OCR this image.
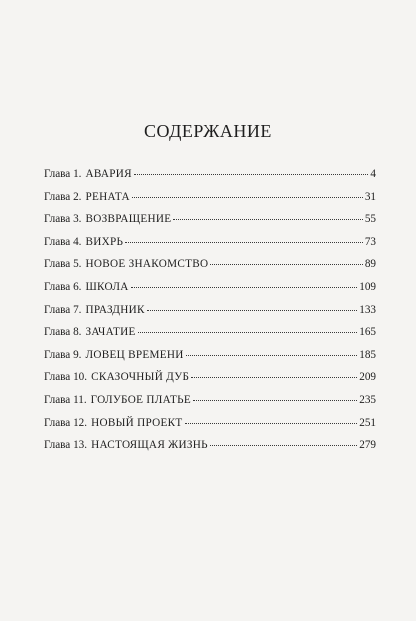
СОДЕРЖАНИЕ
Глава 1. АВАРИЯ	4
Глава 2. РЕНАТА	31
Глава 3. ВОЗВРАЩЕНИЕ	55
Глава 4. ВИХРЬ	73
Глава 5. НОВОЕ ЗНАКОМСТВО	89
Глава 6. ШКОЛА	109
Глава 7. ПРАЗДНИК	133
Глава 8. ЗАЧАТИЕ	165
Глава 9. ЛОВЕЦ ВРЕМЕНИ	185
Глава 10. СКАЗОЧНЫЙ ДУБ	209
Глава 11. ГОЛУБОЕ ПЛАТЬЕ	235
Глава 12. НОВЫЙ ПРОЕКТ	251
Глава 13. НАСТОЯЩАЯ ЖИЗНЬ	279
